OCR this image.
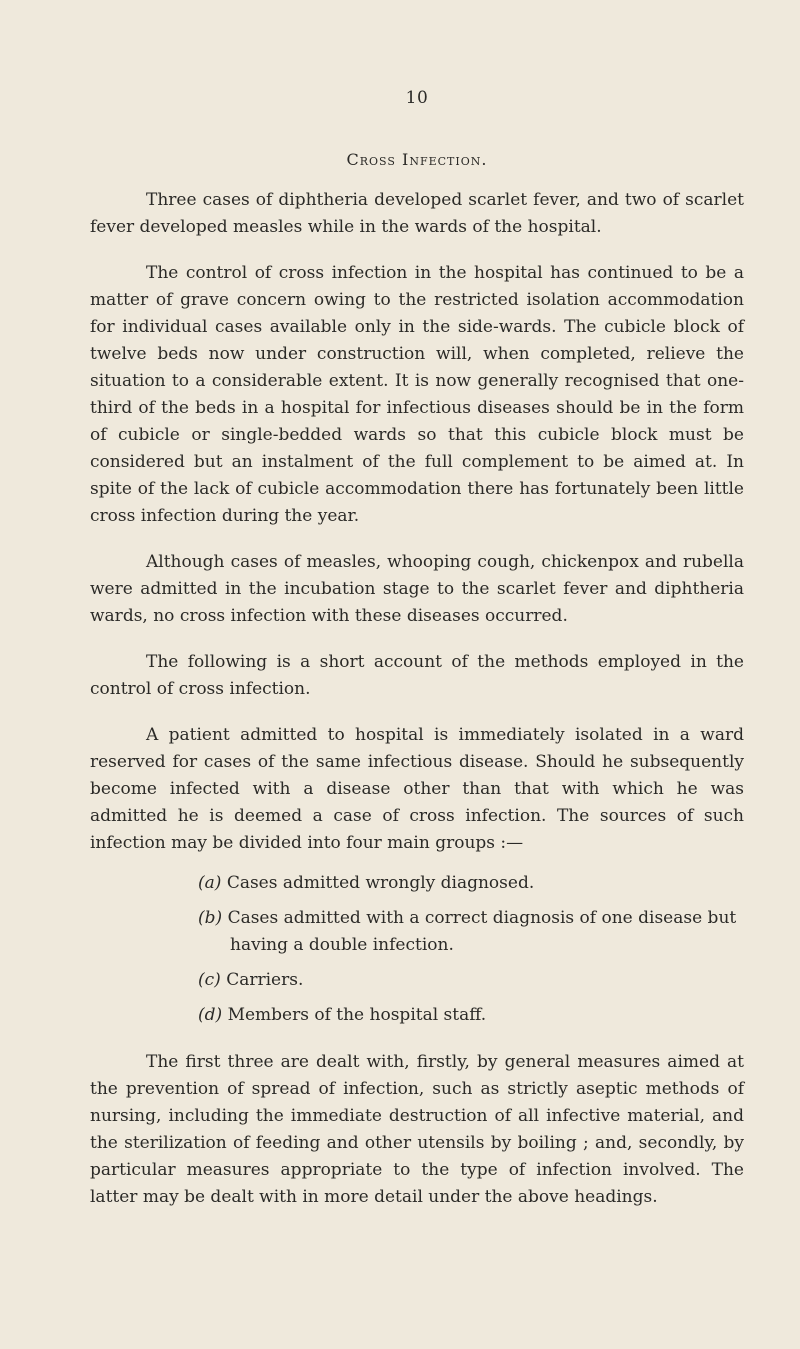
10
Cross Infection.

Three cases of diphtheria developed scarlet fever, and two of scarlet fever developed measles while in the wards of the hospital.

The control of cross infection in the hospital has continued to be a matter of grave concern owing to the restricted isolation accommodation for individual cases available only in the side-wards. The cubicle block of twelve beds now under construction will, when completed, relieve the situation to a considerable extent. It is now generally recognised that one-third of the beds in a hospital for infectious diseases should be in the form of cubicle or single-bedded wards so that this cubicle block must be considered but an instalment of the full complement to be aimed at. In spite of the lack of cubicle accommodation there has fortunately been little cross infection during the year.

Although cases of measles, whooping cough, chickenpox and rubella were admitted in the incubation stage to the scarlet fever and diphtheria wards, no cross infection with these diseases occurred.

The following is a short account of the methods employed in the control of cross infection.

A patient admitted to hospital is immediately isolated in a ward reserved for cases of the same infectious disease. Should he subsequently become infected with a disease other than that with which he was admitted he is deemed a case of cross infection. The sources of such infection may be divided into four main groups :—

(a) Cases admitted wrongly diagnosed.
(b) Cases admitted with a correct diagnosis of one disease but having a double infection.
(c) Carriers.
(d) Members of the hospital staff.

The first three are dealt with, firstly, by general measures aimed at the prevention of spread of infection, such as strictly aseptic methods of nursing, including the immediate destruction of all infective material, and the sterilization of feeding and other utensils by boiling ; and, secondly, by particular measures appropriate to the type of infection involved. The latter may be dealt with in more detail under the above headings.
